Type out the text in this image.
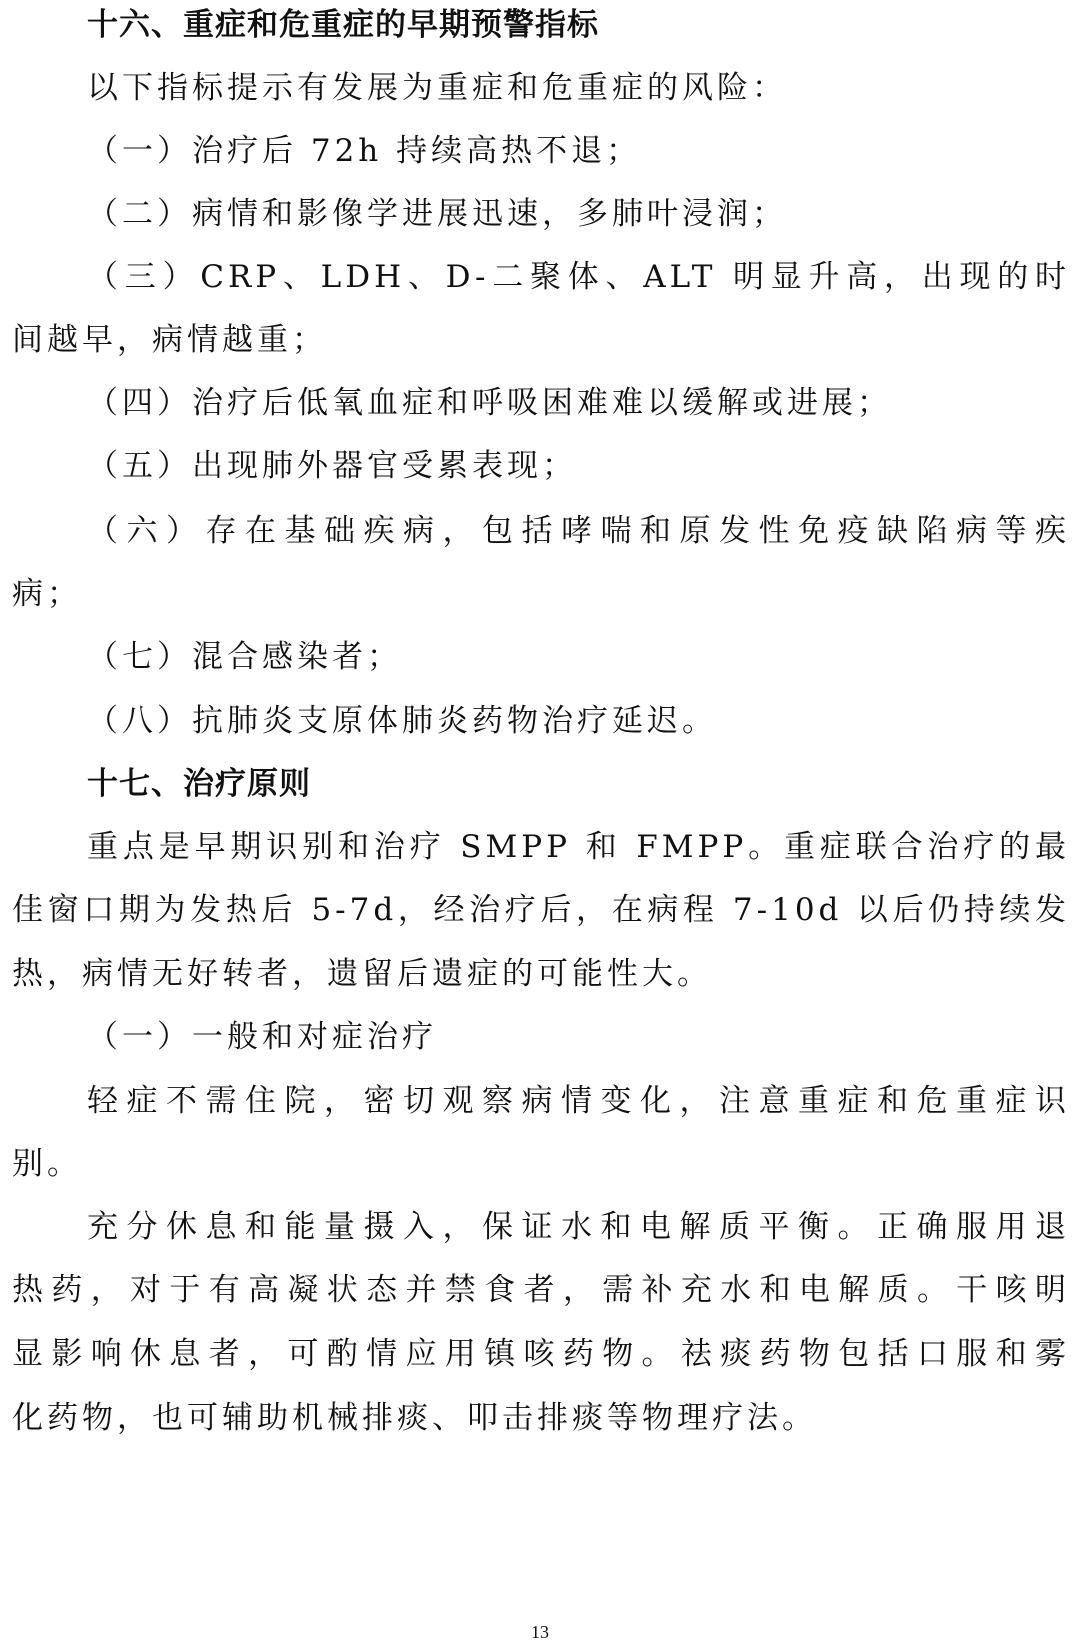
十六、重症和危重症的早期预警指标
以下指标提示有发展为重症和危重症的风险：
（一）治疗后 72h 持续高热不退；
（二）病情和影像学进展迅速，多肺叶浸润；
（三）CRP、LDH、D-二聚体、ALT 明显升高，出现的时
间越早，病情越重；
（四）治疗后低氧血症和呼吸困难难以缓解或进展；
（五）出现肺外器官受累表现；
（六）存在基础疾病，包括哮喘和原发性免疫缺陷病等疾
病；
（七）混合感染者；
（八）抗肺炎支原体肺炎药物治疗延迟。
十七、治疗原则
重点是早期识别和治疗 SMPP 和 FMPP。重症联合治疗的最
佳窗口期为发热后 5-7d，经治疗后，在病程 7-10d 以后仍持续发
热，病情无好转者，遗留后遗症的可能性大。
（一）一般和对症治疗
轻症不需住院，密切观察病情变化，注意重症和危重症识
别。
充分休息和能量摄入，保证水和电解质平衡。正确服用退
热药，对于有高凝状态并禁食者，需补充水和电解质。干咳明
显影响休息者，可酌情应用镇咳药物。祛痰药物包括口服和雾
化药物，也可辅助机械排痰、叩击排痰等物理疗法。
13
